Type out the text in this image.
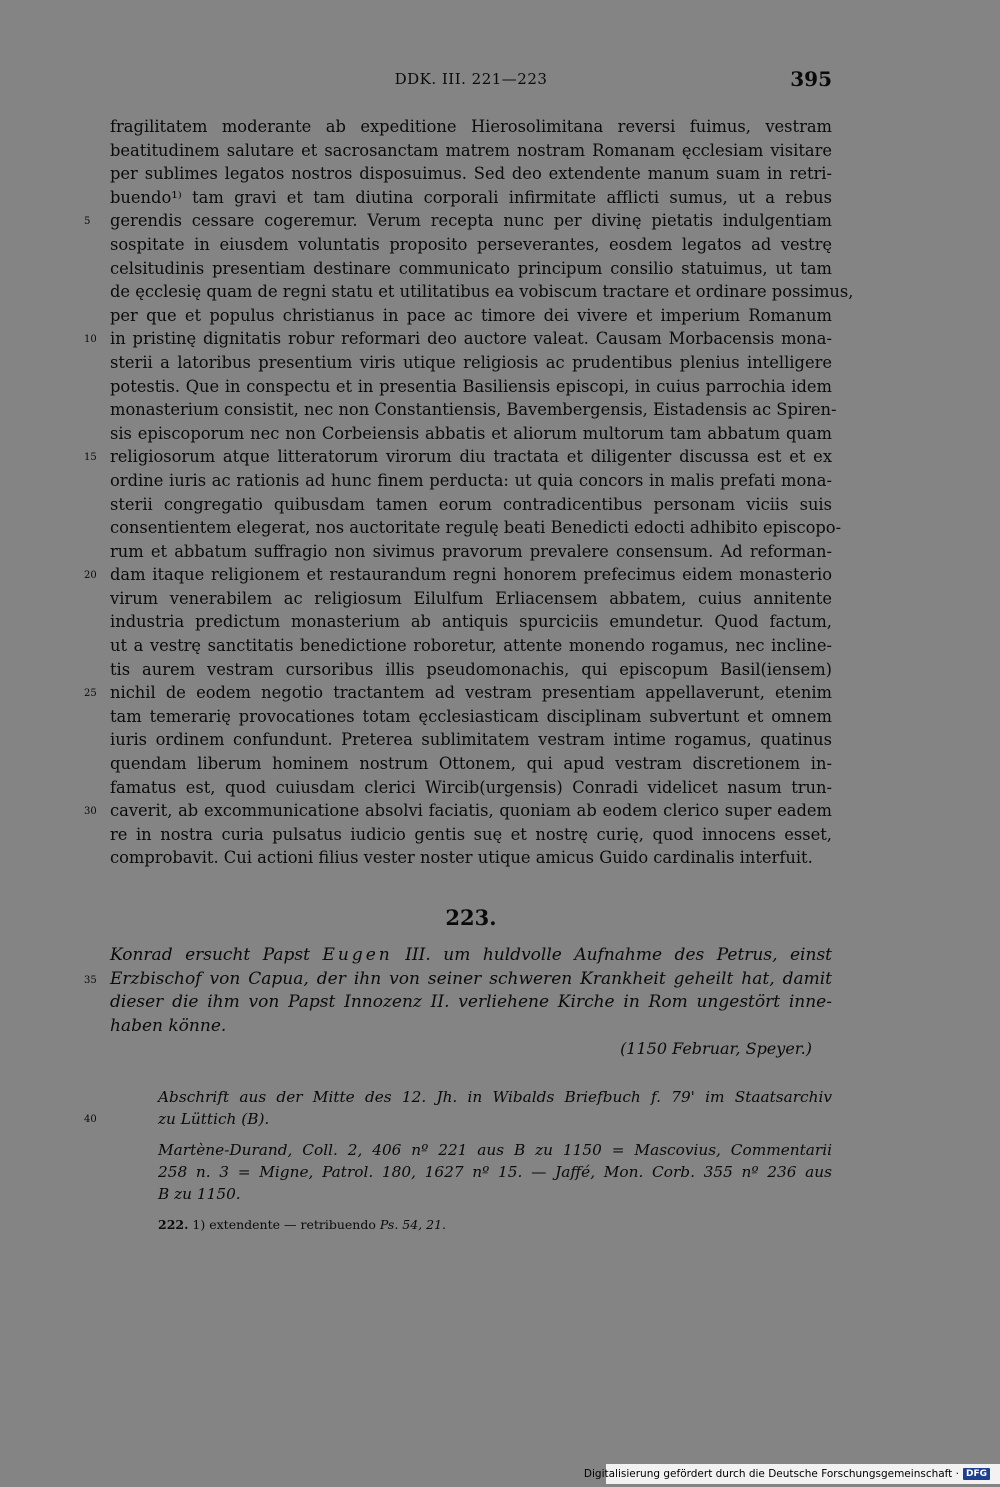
DDK. III. 221—223	395
fragilitatem moderante ab expeditione Hierosolimitana reversi fuimus, vestram
beatitudinem salutare et sacrosanctam matrem nostram Romanam ęcclesiam visitare
per sublimes legatos nostros disposuimus. Sed deo extendente manum suam in retri-
buendo¹⁾ tam gravi et tam diutina corporali infirmitate afflicti sumus, ut a rebus
5	gerendis cessare cogeremur. Verum recepta nunc per divinę pietatis indulgentiam
sospitate in eiusdem voluntatis proposito perseverantes, eosdem legatos ad vestrę
celsitudinis presentiam destinare communicato principum consilio statuimus, ut tam
de ęcclesię quam de regni statu et utilitatibus ea vobiscum tractare et ordinare possimus,
per que et populus christianus in pace ac timore dei vivere et imperium Romanum
10 in pristinę dignitatis robur reformari deo auctore valeat. Causam Morbacensis mona-
sterii a latoribus presentium viris utique religiosis ac prudentibus plenius intelligere
potestis. Que in conspectu et in presentia Basiliensis episcopi, in cuius parrochia idem
monasterium consistit, nec non Constantiensis, Bavembergensis, Eistadensis ac Spiren-
sis episcoporum nec non Corbeiensis abbatis et aliorum multorum tam abbatum quam
15 religiosorum atque litteratorum virorum diu tractata et diligenter discussa est et ex
ordine iuris ac rationis ad hunc finem perducta: ut quia concors in malis prefati mona-
sterii congregatio quibusdam tamen eorum contradicentibus personam viciis suis
consentientem elegerat, nos auctoritate regulę beati Benedicti edocti adhibito episcopo-
rum et abbatum suffragio non sivimus pravorum prevalere consensum. Ad reforman-
20 dam itaque religionem et restaurandum regni honorem prefecimus eidem monasterio
virum venerabilem ac religiosum Eilulfum Erliacensem abbatem, cuius annitente
industria predictum monasterium ab antiquis spurciciis emundetur. Quod factum,
ut a vestrę sanctitatis benedictione roboretur, attente monendo rogamus, nec incline-
tis aurem vestram cursoribus illis pseudomonachis, qui episcopum Basil(iensem)
25 nichil de eodem negotio tractantem ad vestram presentiam appellaverunt, etenim
tam temerarię provocationes totam ęcclesiasticam disciplinam subvertunt et omnem
iuris ordinem confundunt. Preterea sublimitatem vestram intime rogamus, quatinus
quendam liberum hominem nostrum Ottonem, qui apud vestram discretionem in-
famatus est, quod cuiusdam clerici Wircib(urgensis) Conradi videlicet nasum trun-
30 caverit, ab excommunicatione absolvi faciatis, quoniam ab eodem clerico super eadem
re in nostra curia pulsatus iudicio gentis suę et nostrę curię, quod innocens esset,
comprobavit. Cui actioni filius vester noster utique amicus Guido cardinalis interfuit.
223.
Konrad ersucht Papst Eugen III. um huldvolle Aufnahme des Petrus, einst
35 Erzbischof von Capua, der ihn von seiner schweren Krankheit geheilt hat, damit
dieser die ihm von Papst Innozenz II. verliehene Kirche in Rom ungestört inne-
haben könne.
(1150 Februar, Speyer.)
Abschrift aus der Mitte des 12. Jh. in Wibalds Briefbuch f. 79' im Staatsarchiv
40	zu Lüttich (B).
Martène-Durand, Coll. 2, 406 nº 221 aus B zu 1150 = Mascovius, Commentarii
258 n. 3 = Migne, Patrol. 180, 1627 nº 15. — Jaffé, Mon. Corb. 355 nº 236 aus
B zu 1150.
222. 1) extendente — retribuendo Ps. 54, 21.
Digitalisierung gefördert durch die Deutsche Forschungsgemeinschaft · DFG
